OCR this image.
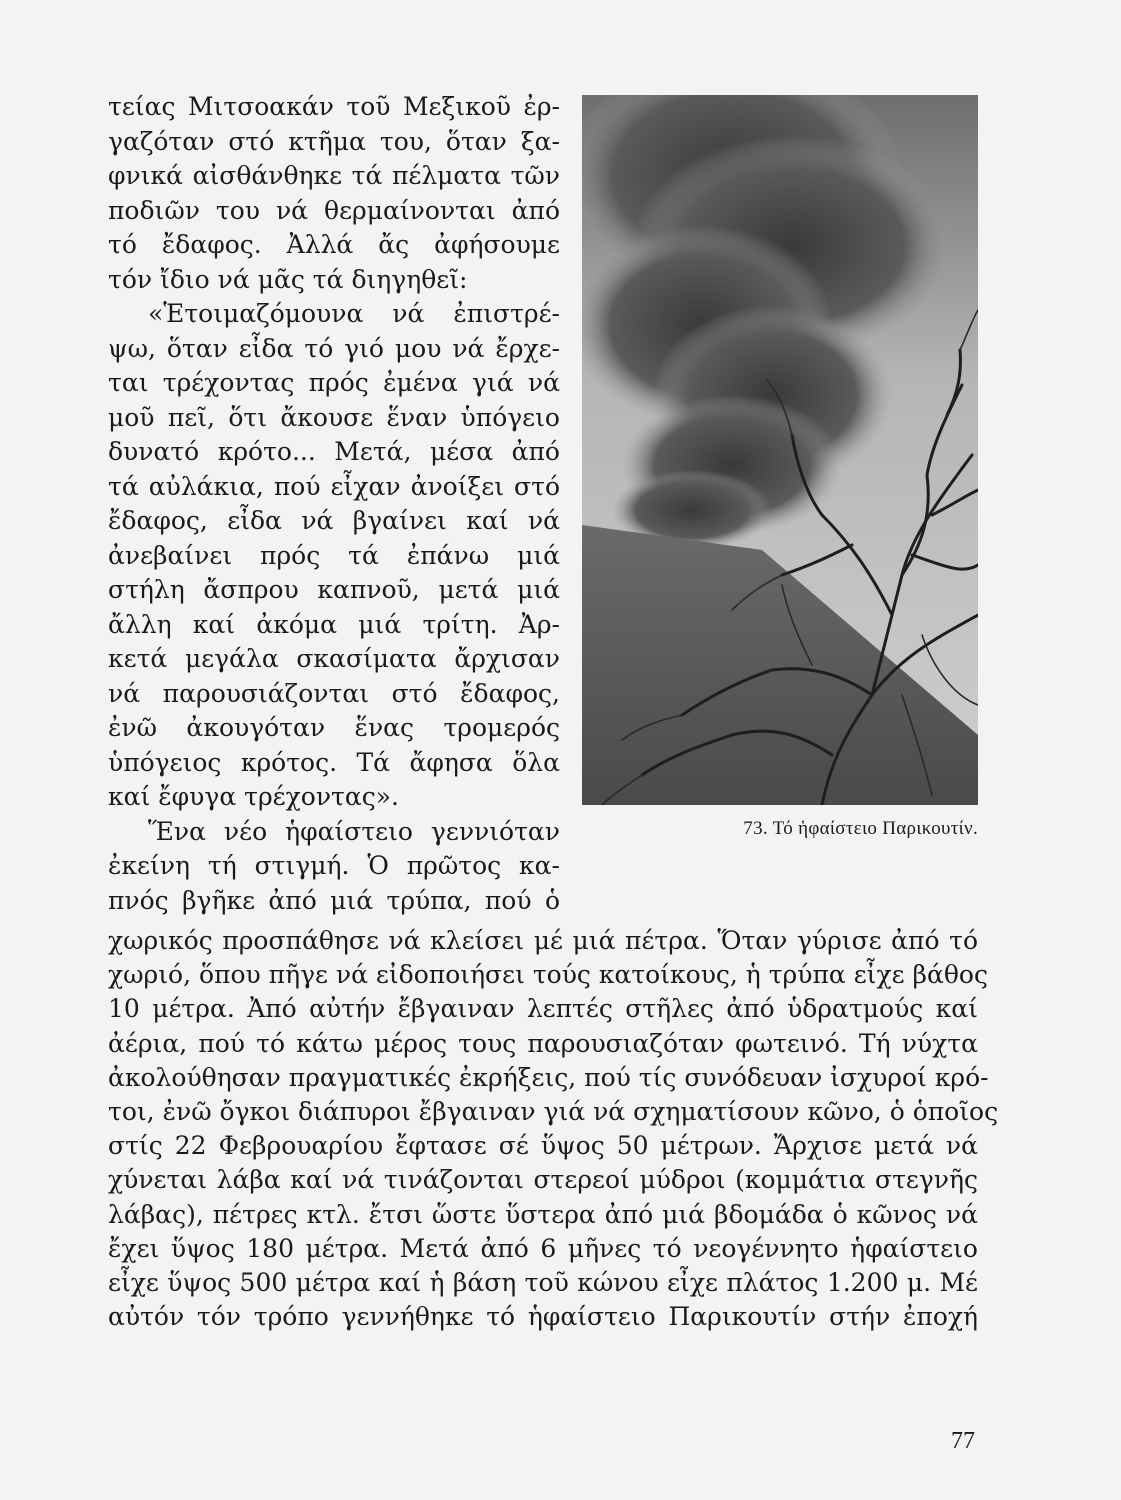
τείας Μιτσοακάν τοῦ Μεξικοῦ ἐρ-
γαζόταν στό κτῆμα του, ὅταν ξα-
φνικά αἰσθάνθηκε τά πέλματα τῶν
ποδιῶν του νά θερμαίνονται ἀπό
τό ἔδαφος. Ἀλλά ἄς ἀφήσουμε
τόν ἴδιο νά μᾶς τά διηγηθεῖ:
«Ἑτοιμαζόμουνα νά ἐπιστρέ-
ψω, ὅταν εἶδα τό γιό μου νά ἔρχε-
ται τρέχοντας πρός ἐμένα γιά νά
μοῦ πεῖ, ὅτι ἄκουσε ἕναν ὑπόγειο
δυνατό κρότο... Μετά, μέσα ἀπό
τά αὐλάκια, πού εἶχαν ἀνοίξει στό
ἔδαφος, εἶδα νά βγαίνει καί νά
ἀνεβαίνει πρός τά ἐπάνω μιά
στήλη ἄσπρου καπνοῦ, μετά μιά
ἄλλη καί ἀκόμα μιά τρίτη. Ἀρ-
κετά μεγάλα σκασίματα ἄρχισαν
νά παρουσιάζονται στό ἔδαφος,
ἐνῶ ἀκουγόταν ἕνας τρομερός
ὑπόγειος κρότος. Τά ἄφησα ὅλα
καί ἔφυγα τρέχοντας».
Ἕνα νέο ἡφαίστειο γεννιόταν
ἐκείνη τή στιγμή. Ὁ πρῶτος κα-
πνός βγῆκε ἀπό μιά τρύπα, πού ὁ
73. Τό ἡφαίστειο Παρικουτίν.
χωρικός προσπάθησε νά κλείσει μέ μιά πέτρα. Ὅταν γύρισε ἀπό τό
χωριό, ὅπου πῆγε νά εἰδοποιήσει τούς κατοίκους, ἡ τρύπα εἶχε βάθος
10 μέτρα. Ἀπό αὐτήν ἔβγαιναν λεπτές στῆλες ἀπό ὑδρατμούς καί
ἀέρια, πού τό κάτω μέρος τους παρουσιαζόταν φωτεινό. Τή νύχτα
ἀκολούθησαν πραγματικές ἐκρήξεις, πού τίς συνόδευαν ἰσχυροί κρό-
τοι, ἐνῶ ὄγκοι διάπυροι ἔβγαιναν γιά νά σχηματίσουν κῶνο, ὁ ὁποῖος
στίς 22 Φεβρουαρίου ἔφτασε σέ ὕψος 50 μέτρων. Ἄρχισε μετά νά
χύνεται λάβα καί νά τινάζονται στερεοί μύδροι (κομμάτια στεγνῆς
λάβας), πέτρες κτλ. ἔτσι ὥστε ὕστερα ἀπό μιά βδομάδα ὁ κῶνος νά
ἔχει ὕψος 180 μέτρα. Μετά ἀπό 6 μῆνες τό νεογέννητο ἡφαίστειο
εἶχε ὕψος 500 μέτρα καί ἡ βάση τοῦ κώνου εἶχε πλάτος 1.200 μ. Μέ
αὐτόν τόν τρόπο γεννήθηκε τό ἡφαίστειο Παρικουτίν στήν ἐποχή
77
